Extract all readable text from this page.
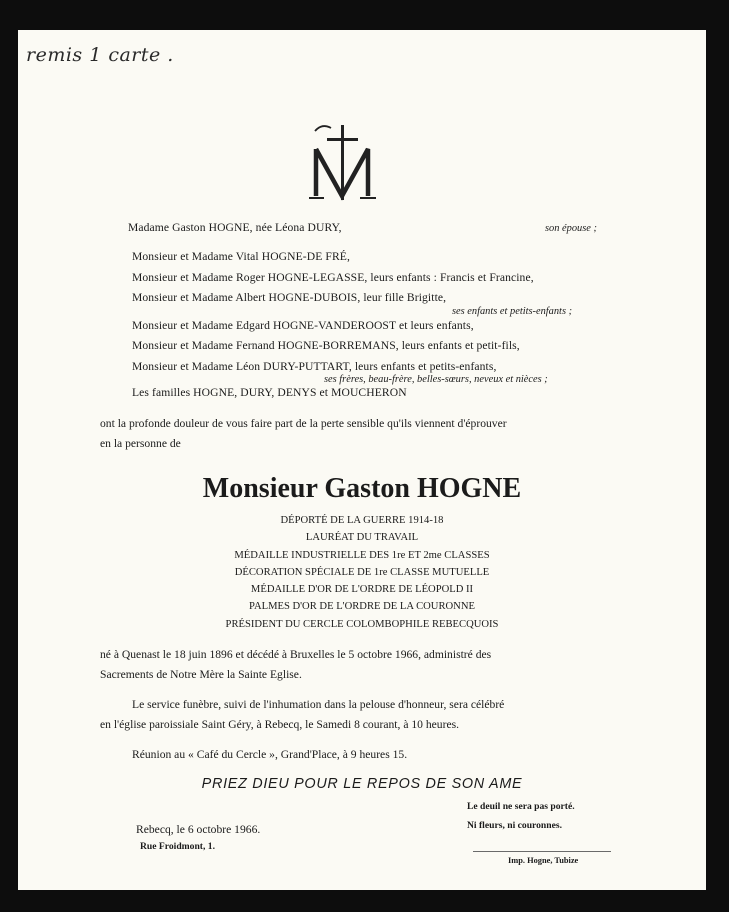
remis 1 carte .
Madame Gaston HOGNE, née Léona DURY,	son épouse ;
Monsieur et Madame Vital HOGNE-DE FRÉ,
Monsieur et Madame Roger HOGNE-LEGASSE, leurs enfants : Francis et Francine,
Monsieur et Madame Albert HOGNE-DUBOIS, leur fille Brigitte,
ses enfants et petits-enfants ;
Monsieur et Madame Edgard HOGNE-VANDEROOST et leurs enfants,
Monsieur et Madame Fernand HOGNE-BORREMANS, leurs enfants et petit-fils,
Monsieur et Madame Léon DURY-PUTTART, leurs enfants et petits-enfants,
ses frères, beau-frère, belles-sœurs, neveux et nièces ;
Les familles HOGNE, DURY, DENYS et MOUCHERON
ont la profonde douleur de vous faire part de la perte sensible qu'ils viennent d'éprouver
en la personne de
Monsieur Gaston HOGNE
DÉPORTÉ DE LA GUERRE 1914-18
LAURÉAT DU TRAVAIL
MÉDAILLE INDUSTRIELLE DES 1re ET 2me CLASSES
DÉCORATION SPÉCIALE DE 1re CLASSE MUTUELLE
MÉDAILLE D'OR DE L'ORDRE DE LÉOPOLD II
PALMES D'OR DE L'ORDRE DE LA COURONNE
PRÉSIDENT DU CERCLE COLOMBOPHILE REBECQUOIS
né à Quenast le 18 juin 1896 et décédé à Bruxelles le 5 octobre 1966, administré des
Sacrements de Notre Mère la Sainte Eglise.
Le service funèbre, suivi de l'inhumation dans la pelouse d'honneur, sera célébré
en l'église paroissiale Saint Géry, à Rebecq, le Samedi 8 courant, à 10 heures.
Réunion au « Café du Cercle », Grand'Place, à 9 heures 15.
PRIEZ DIEU POUR LE REPOS DE SON AME
Le deuil ne sera pas porté.
Ni fleurs, ni couronnes.
Rebecq, le 6 octobre 1966.
Rue Froidmont, 1.
Imp. Hogne, Tubize
